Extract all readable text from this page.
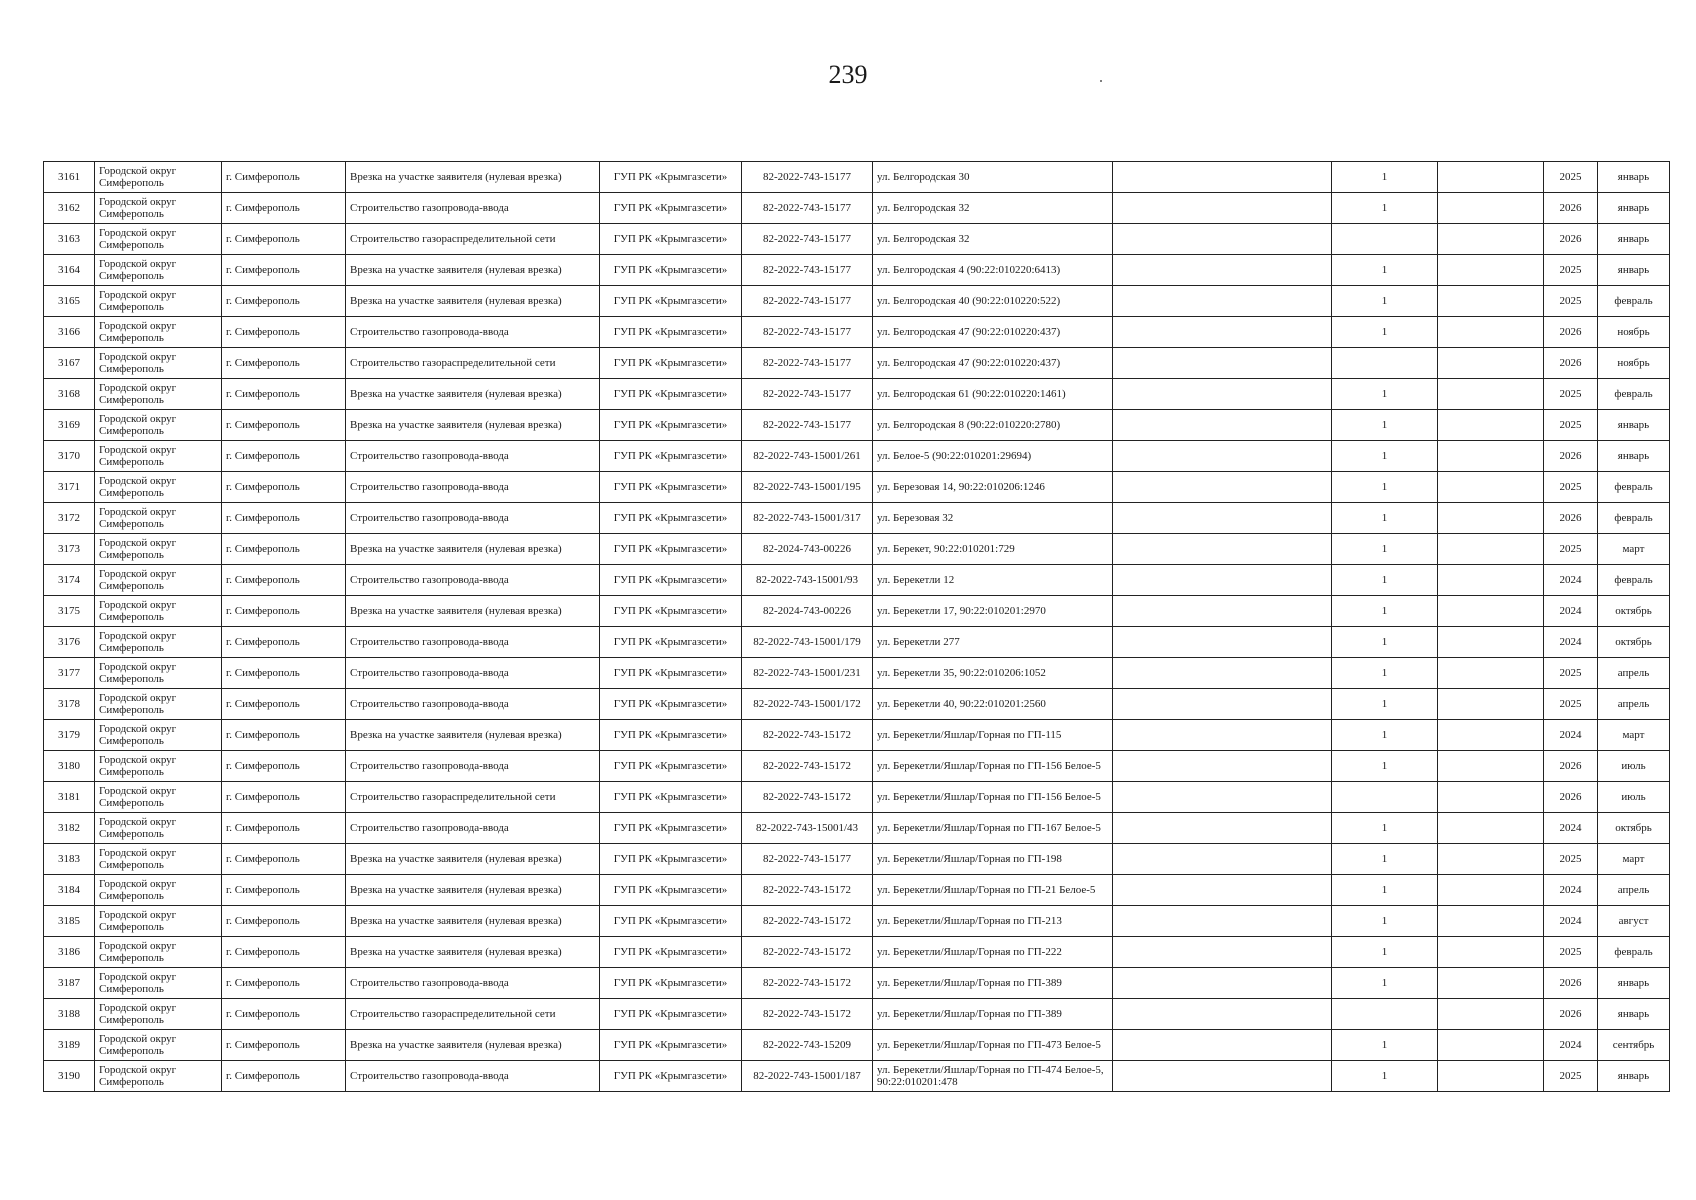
239
3161	Городской округ Симферополь	г. Симферополь	Врезка на участке заявителя (нулевая врезка)	ГУП РК «Крымгазсети»	82-2022-743-15177	ул. Белгородская 30		1		2025	январь
3162	Городской округ Симферополь	г. Симферополь	Строительство газопровода-ввода	ГУП РК «Крымгазсети»	82-2022-743-15177	ул. Белгородская 32		1		2026	январь
3163	Городской округ Симферополь	г. Симферополь	Строительство газораспределительной сети	ГУП РК «Крымгазсети»	82-2022-743-15177	ул. Белгородская 32				2026	январь
3164	Городской округ Симферополь	г. Симферополь	Врезка на участке заявителя (нулевая врезка)	ГУП РК «Крымгазсети»	82-2022-743-15177	ул. Белгородская 4 (90:22:010220:6413)		1		2025	январь
3165	Городской округ Симферополь	г. Симферополь	Врезка на участке заявителя (нулевая врезка)	ГУП РК «Крымгазсети»	82-2022-743-15177	ул. Белгородская 40 (90:22:010220:522)		1		2025	февраль
3166	Городской округ Симферополь	г. Симферополь	Строительство газопровода-ввода	ГУП РК «Крымгазсети»	82-2022-743-15177	ул. Белгородская 47 (90:22:010220:437)		1		2026	ноябрь
3167	Городской округ Симферополь	г. Симферополь	Строительство газораспределительной сети	ГУП РК «Крымгазсети»	82-2022-743-15177	ул. Белгородская 47 (90:22:010220:437)				2026	ноябрь
3168	Городской округ Симферополь	г. Симферополь	Врезка на участке заявителя (нулевая врезка)	ГУП РК «Крымгазсети»	82-2022-743-15177	ул. Белгородская 61 (90:22:010220:1461)		1		2025	февраль
3169	Городской округ Симферополь	г. Симферополь	Врезка на участке заявителя (нулевая врезка)	ГУП РК «Крымгазсети»	82-2022-743-15177	ул. Белгородская 8 (90:22:010220:2780)		1		2025	январь
3170	Городской округ Симферополь	г. Симферополь	Строительство газопровода-ввода	ГУП РК «Крымгазсети»	82-2022-743-15001/261	ул. Белое-5 (90:22:010201:29694)		1		2026	январь
3171	Городской округ Симферополь	г. Симферополь	Строительство газопровода-ввода	ГУП РК «Крымгазсети»	82-2022-743-15001/195	ул. Березовая 14, 90:22:010206:1246		1		2025	февраль
3172	Городской округ Симферополь	г. Симферополь	Строительство газопровода-ввода	ГУП РК «Крымгазсети»	82-2022-743-15001/317	ул. Березовая 32		1		2026	февраль
3173	Городской округ Симферополь	г. Симферополь	Врезка на участке заявителя (нулевая врезка)	ГУП РК «Крымгазсети»	82-2024-743-00226	ул. Берекет, 90:22:010201:729		1		2025	март
3174	Городской округ Симферополь	г. Симферополь	Строительство газопровода-ввода	ГУП РК «Крымгазсети»	82-2022-743-15001/93	ул. Берекетли 12		1		2024	февраль
3175	Городской округ Симферополь	г. Симферополь	Врезка на участке заявителя (нулевая врезка)	ГУП РК «Крымгазсети»	82-2024-743-00226	ул. Берекетли 17, 90:22:010201:2970		1		2024	октябрь
3176	Городской округ Симферополь	г. Симферополь	Строительство газопровода-ввода	ГУП РК «Крымгазсети»	82-2022-743-15001/179	ул. Берекетли 277		1		2024	октябрь
3177	Городской округ Симферополь	г. Симферополь	Строительство газопровода-ввода	ГУП РК «Крымгазсети»	82-2022-743-15001/231	ул. Берекетли 35, 90:22:010206:1052		1		2025	апрель
3178	Городской округ Симферополь	г. Симферополь	Строительство газопровода-ввода	ГУП РК «Крымгазсети»	82-2022-743-15001/172	ул. Берекетли 40, 90:22:010201:2560		1		2025	апрель
3179	Городской округ Симферополь	г. Симферополь	Врезка на участке заявителя (нулевая врезка)	ГУП РК «Крымгазсети»	82-2022-743-15172	ул. Берекетли/Яшлар/Горная по ГП-115		1		2024	март
3180	Городской округ Симферополь	г. Симферополь	Строительство газопровода-ввода	ГУП РК «Крымгазсети»	82-2022-743-15172	ул. Берекетли/Яшлар/Горная по ГП-156 Белое-5		1		2026	июль
3181	Городской округ Симферополь	г. Симферополь	Строительство газораспределительной сети	ГУП РК «Крымгазсети»	82-2022-743-15172	ул. Берекетли/Яшлар/Горная по ГП-156 Белое-5				2026	июль
3182	Городской округ Симферополь	г. Симферополь	Строительство газопровода-ввода	ГУП РК «Крымгазсети»	82-2022-743-15001/43	ул. Берекетли/Яшлар/Горная по ГП-167 Белое-5		1		2024	октябрь
3183	Городской округ Симферополь	г. Симферополь	Врезка на участке заявителя (нулевая врезка)	ГУП РК «Крымгазсети»	82-2022-743-15177	ул. Берекетли/Яшлар/Горная по ГП-198		1		2025	март
3184	Городской округ Симферополь	г. Симферополь	Врезка на участке заявителя (нулевая врезка)	ГУП РК «Крымгазсети»	82-2022-743-15172	ул. Берекетли/Яшлар/Горная по ГП-21 Белое-5		1		2024	апрель
3185	Городской округ Симферополь	г. Симферополь	Врезка на участке заявителя (нулевая врезка)	ГУП РК «Крымгазсети»	82-2022-743-15172	ул. Берекетли/Яшлар/Горная по ГП-213		1		2024	август
3186	Городской округ Симферополь	г. Симферополь	Врезка на участке заявителя (нулевая врезка)	ГУП РК «Крымгазсети»	82-2022-743-15172	ул. Берекетли/Яшлар/Горная по ГП-222		1		2025	февраль
3187	Городской округ Симферополь	г. Симферополь	Строительство газопровода-ввода	ГУП РК «Крымгазсети»	82-2022-743-15172	ул. Берекетли/Яшлар/Горная по ГП-389		1		2026	январь
3188	Городской округ Симферополь	г. Симферополь	Строительство газораспределительной сети	ГУП РК «Крымгазсети»	82-2022-743-15172	ул. Берекетли/Яшлар/Горная по ГП-389				2026	январь
3189	Городской округ Симферополь	г. Симферополь	Врезка на участке заявителя (нулевая врезка)	ГУП РК «Крымгазсети»	82-2022-743-15209	ул. Берекетли/Яшлар/Горная по ГП-473 Белое-5		1		2024	сентябрь
3190	Городской округ Симферополь	г. Симферополь	Строительство газопровода-ввода	ГУП РК «Крымгазсети»	82-2022-743-15001/187	ул. Берекетли/Яшлар/Горная по ГП-474 Белое-5, 90:22:010201:478		1		2025	январь
